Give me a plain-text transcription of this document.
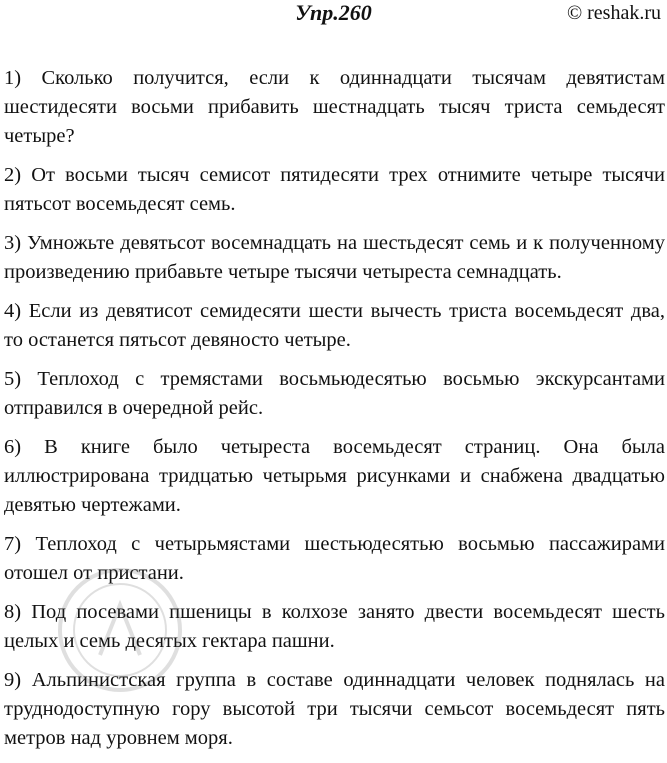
Упр.260	© reshak.ru

1) Сколько получится, если к одиннадцати тысячам девятистам шестидесяти восьми прибавить шестнадцать тысяч триста семьдесят четыре?

2) От восьми тысяч семисот пятидесяти трех отнимите четыре тысячи пятьсот восемьдесят семь.

3) Умножьте девятьсот восемнадцать на шестьдесят семь и к полученному произведению прибавьте четыре тысячи четыреста семнадцать.

4) Если из девятисот семидесяти шести вычесть триста восемьдесят два, то останется пятьсот девяносто четыре.

5) Теплоход с тремястами восьмьюдесятью восьмью экскурсантами отправился в очередной рейс.

6) В книге было четыреста восемьдесят страниц. Она была иллюстрирована тридцатью четырьмя рисунками и снабжена двадцатью девятью чертежами.

7) Теплоход с четырьмястами шестьюдесятью восьмью пассажирами отошел от пристани.

8) Под посевами пшеницы в колхозе занято двести восемьдесят шесть целых и семь десятых гектара пашни.

9) Альпинистская группа в составе одиннадцати человек поднялась на труднодоступную гору высотой три тысячи семьсот восемьдесят пять метров над уровнем моря.
